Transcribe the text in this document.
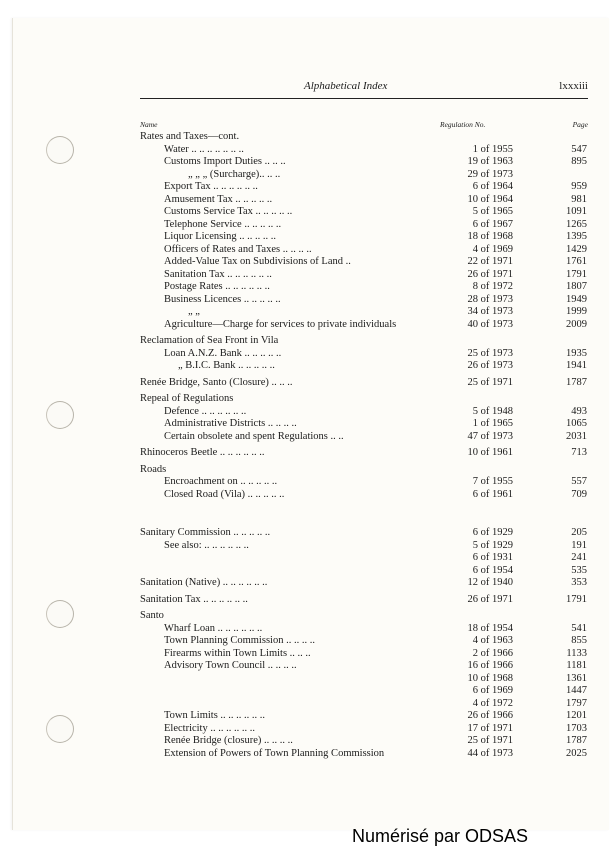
Alphabetical Index	lxxxiii
Name	Regulation No.	Page
Rates and Taxes—cont.
Water .. .. .. .. .. .. ..	1 of 1955	547
Customs Import Duties .. .. ..	19 of 1963	895
„ „ „ (Surcharge).. .. ..	29 of 1973
Export Tax .. .. .. .. .. ..	6 of 1964	959
Amusement Tax .. .. .. .. ..	10 of 1964	981
Customs Service Tax .. .. .. .. ..	5 of 1965	1091
Telephone Service .. .. .. .. ..	6 of 1967	1265
Liquor Licensing .. .. .. .. ..	18 of 1968	1395
Officers of Rates and Taxes .. .. .. ..	4 of 1969	1429
Added-Value Tax on Subdivisions of Land ..	22 of 1971	1761
Sanitation Tax .. .. .. .. .. ..	26 of 1971	1791
Postage Rates .. .. .. .. .. ..	8 of 1972	1807
Business Licences .. .. .. .. ..	28 of 1973	1949
„ „	34 of 1973	1999
Agriculture—Charge for services to private individuals	40 of 1973	2009
Reclamation of Sea Front in Vila
Loan A.N.Z. Bank .. .. .. .. ..	25 of 1973	1935
„ B.I.C. Bank .. .. .. .. ..	26 of 1973	1941
Renée Bridge, Santo (Closure) .. .. ..	25 of 1971	1787
Repeal of Regulations
Defence .. .. .. .. .. ..	5 of 1948	493
Administrative Districts .. .. .. ..	1 of 1965	1065
Certain obsolete and spent Regulations .. ..	47 of 1973	2031
Rhinoceros Beetle .. .. .. .. .. ..	10 of 1961	713
Roads
Encroachment on .. .. .. .. ..	7 of 1955	557
Closed Road (Vila) .. .. .. .. ..	6 of 1961	709
Sanitary Commission .. .. .. .. ..	6 of 1929	205
See also: .. .. .. .. .. ..	5 of 1929	191
6 of 1931	241
6 of 1954	535
Sanitation (Native) .. .. .. .. .. ..	12 of 1940	353
Sanitation Tax .. .. .. .. .. ..	26 of 1971	1791
Santo
Wharf Loan .. .. .. .. .. ..	18 of 1954	541
Town Planning Commission .. .. .. ..	4 of 1963	855
Firearms within Town Limits .. .. ..	2 of 1966	1133
Advisory Town Council .. .. .. ..	16 of 1966	1181
10 of 1968	1361
6 of 1969	1447
4 of 1972	1797
Town Limits .. .. .. .. .. ..	26 of 1966	1201
Electricity .. .. .. .. .. ..	17 of 1971	1703
Renée Bridge (closure) .. .. .. ..	25 of 1971	1787
Extension of Powers of Town Planning Commission	44 of 1973	2025
Numérisé par ODSAS
